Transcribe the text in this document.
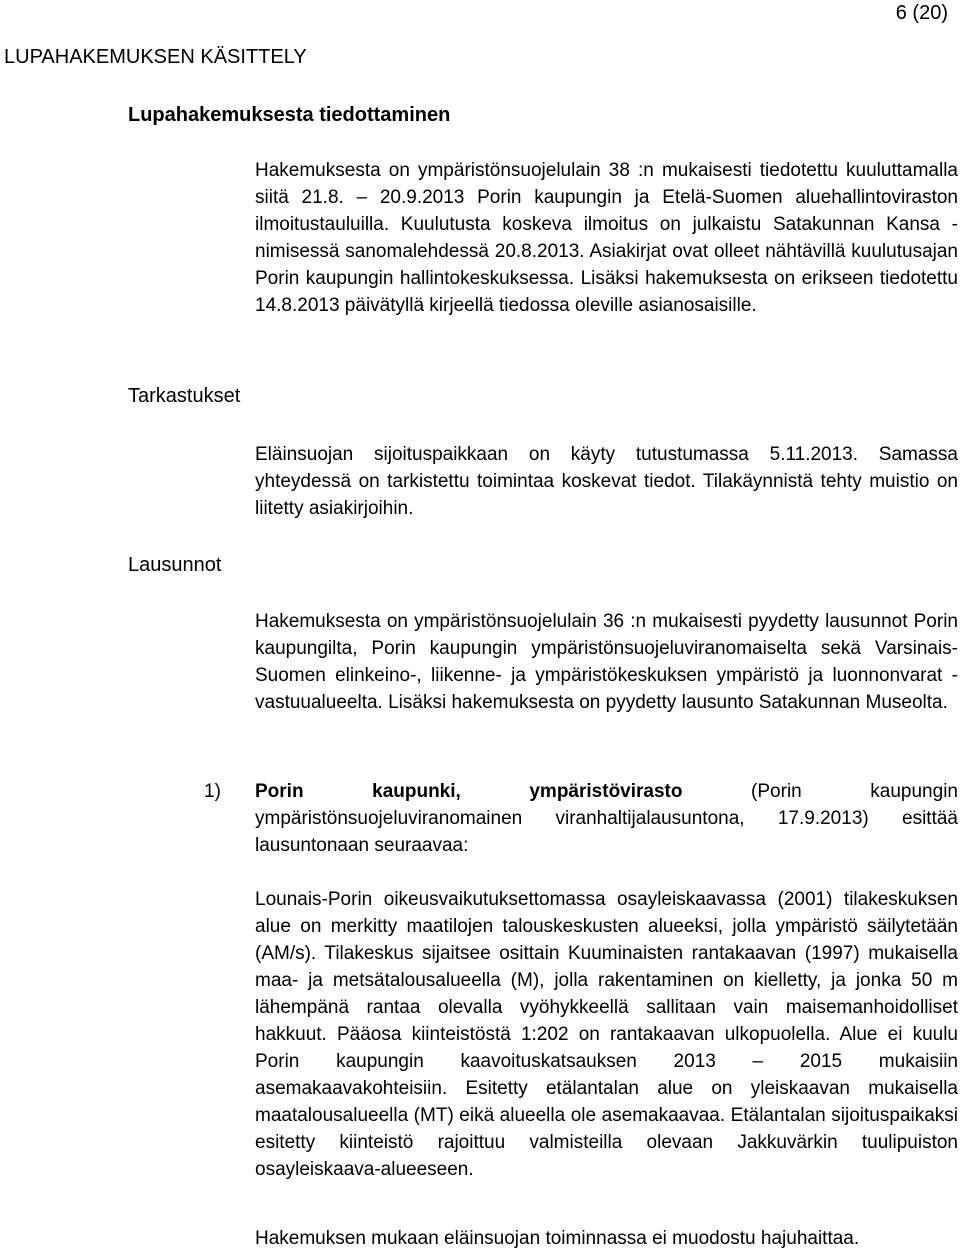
6 (20)
LUPAHAKEMUKSEN KÄSITTELY
Lupahakemuksesta tiedottaminen
Hakemuksesta on ympäristönsuojelulain 38 :n mukaisesti tiedotettu kuuluttamalla siitä 21.8. – 20.9.2013 Porin kaupungin ja Etelä-Suomen aluehallintoviraston ilmoitustauluilla. Kuulutusta koskeva ilmoitus on julkaistu Satakunnan Kansa -nimisessä sanomalehdessä 20.8.2013. Asiakirjat ovat olleet nähtävillä kuulutusajan Porin kaupungin hallintokeskuksessa. Lisäksi hakemuksesta on erikseen tiedotettu 14.8.2013 päivätyllä kirjeellä tiedossa oleville asianosaisille.
Tarkastukset
Eläinsuojan sijoituspaikkaan on käyty tutustumassa 5.11.2013. Samassa yhteydessä on tarkistettu toimintaa koskevat tiedot. Tilakäynnistä tehty muistio on liitetty asiakirjoihin.
Lausunnot
Hakemuksesta on ympäristönsuojelulain 36 :n mukaisesti pyydetty lausunnot Porin kaupungilta, Porin kaupungin ympäristönsuojeluviranomaiselta sekä Varsinais-Suomen elinkeino-, liikenne- ja ympäristökeskuksen ympäristö ja luonnonvarat -vastuualueelta. Lisäksi hakemuksesta on pyydetty lausunto Satakunnan Museolta.
1) Porin kaupunki, ympäristövirasto (Porin kaupungin ympäristönsuojeluviranomainen viranhaltijalausuntona, 17.9.2013) esittää lausuntonaan seuraavaa:
Lounais-Porin oikeusvaikutuksettomassa osayleiskaavassa (2001) tilakeskuksen alue on merkitty maatilojen talouskeskusten alueeksi, jolla ympäristö säilytetään (AM/s). Tilakeskus sijaitsee osittain Kuuminaisten rantakaavan (1997) mukaisella maa- ja metsätalousalueella (M), jolla rakentaminen on kielletty, ja jonka 50 m lähempänä rantaa olevalla vyöhykkeellä sallitaan vain maisemanhoidolliset hakkuut. Pääosa kiinteistöstä 1:202 on rantakaavan ulkopuolella. Alue ei kuulu Porin kaupungin kaavoituskatsauksen 2013 – 2015 mukaisiin asemakaavakohteisiin. Esitetty etälantalan alue on yleiskaavan mukaisella maatalousalueella (MT) eikä alueella ole asemakaavaa. Etälantalan sijoituspaikaksi esitetty kiinteistö rajoittuu valmisteilla olevaan Jakkuvärkin tuulipuiston osayleiskaava-alueeseen.
Hakemuksen mukaan eläinsuojan toiminnassa ei muodostu hajuhaittaa.
